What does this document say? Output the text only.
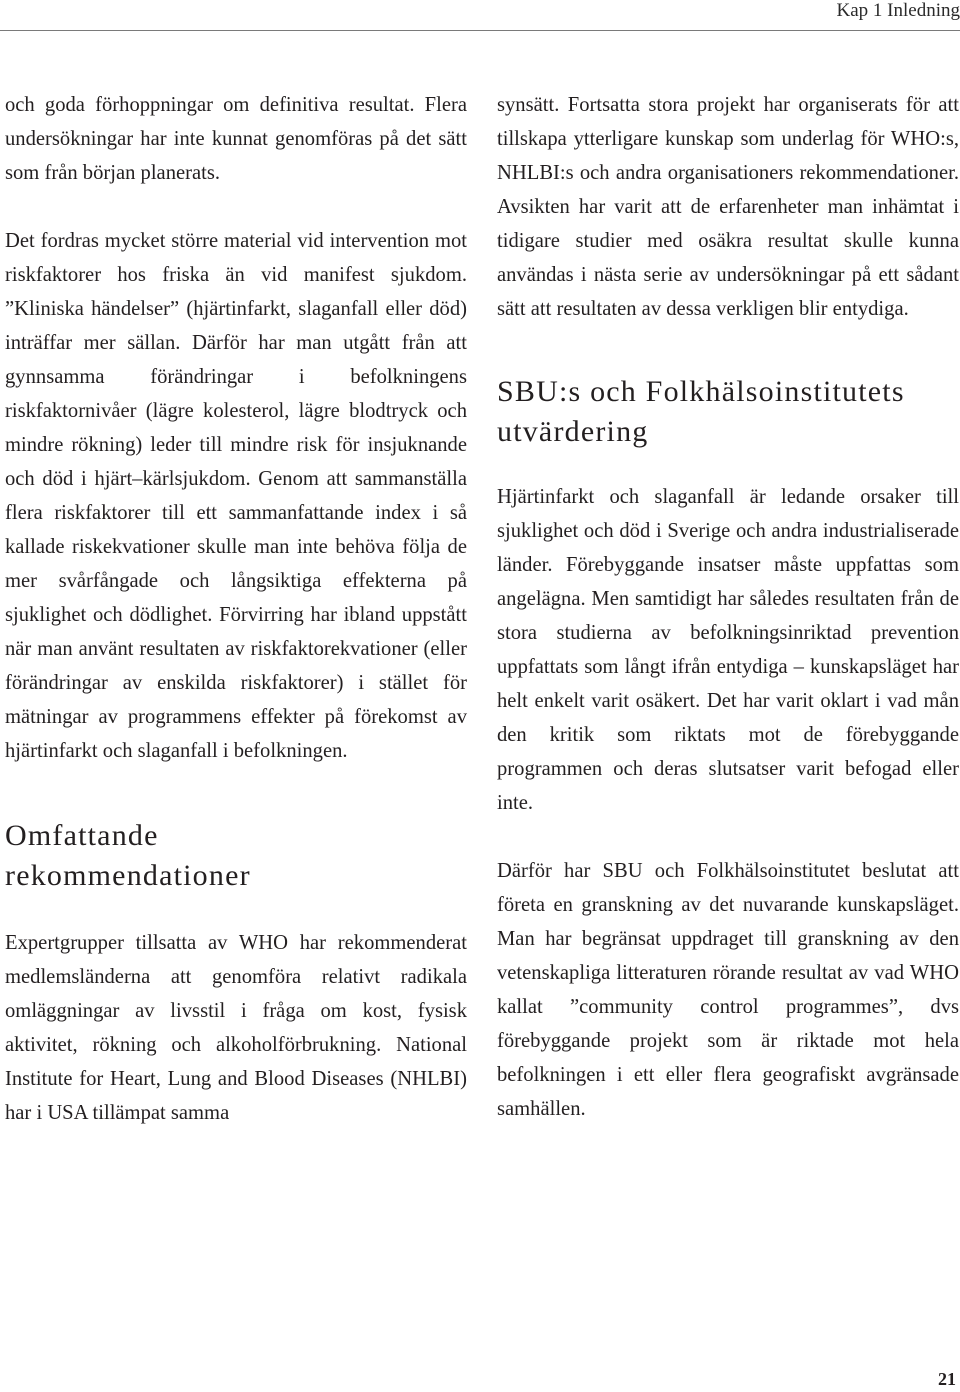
Kap 1 Inledning

och goda förhoppningar om definitiva resultat. Flera undersökningar har inte kunnat genomföras på det sätt som från början planerats.

Det fordras mycket större material vid intervention mot riskfaktorer hos friska än vid manifest sjukdom. ”Kliniska händelser” (hjärtinfarkt, slaganfall eller död) inträffar mer sällan. Därför har man utgått från att gynnsamma förändringar i befolkningens riskfaktornivåer (lägre kolesterol, lägre blodtryck och mindre rökning) leder till mindre risk för insjuknande och död i hjärt–kärlsjukdom. Genom att sammanställa flera riskfaktorer till ett sammanfattande index i så kallade riskekvationer skulle man inte behöva följa de mer svårfångade och långsiktiga effekterna på sjuklighet och dödlighet. Förvirring har ibland uppstått när man använt resultaten av riskfaktorekvationer (eller förändringar av enskilda riskfaktorer) i stället för mätningar av programmens effekter på förekomst av hjärtinfarkt och slaganfall i befolkningen.

Omfattande
rekommendationer

Expertgrupper tillsatta av WHO har rekommenderat medlemsländerna att genomföra relativt radikala omläggningar av livsstil i fråga om kost, fysisk aktivitet, rökning och alkoholförbrukning. National Institute for Heart, Lung and Blood Diseases (NHLBI) har i USA tillämpat samma

synsätt. Fortsatta stora projekt har organiserats för att tillskapa ytterligare kunskap som underlag för WHO:s, NHLBI:s och andra organisationers rekommendationer. Avsikten har varit att de erfarenheter man inhämtat i tidigare studier med osäkra resultat skulle kunna användas i nästa serie av undersökningar på ett sådant sätt att resultaten av dessa verkligen blir entydiga.

SBU:s och Folkhälsoinstitutets
utvärdering

Hjärtinfarkt och slaganfall är ledande orsaker till sjuklighet och död i Sverige och andra industrialiserade länder. Förebyggande insatser måste uppfattas som angelägna. Men samtidigt har således resultaten från de stora studierna av befolkningsinriktad prevention uppfattats som långt ifrån entydiga – kunskapsläget har helt enkelt varit osäkert. Det har varit oklart i vad mån den kritik som riktats mot de förebyggande programmen och deras slutsatser varit befogad eller inte.

Därför har SBU och Folkhälsoinstitutet beslutat att företa en granskning av det nuvarande kunskapsläget. Man har begränsat uppdraget till granskning av den vetenskapliga litteraturen rörande resultat av vad WHO kallat ”community control programmes”, dvs förebyggande projekt som är riktade mot hela befolkningen i ett eller flera geografiskt avgränsade samhällen.

21
